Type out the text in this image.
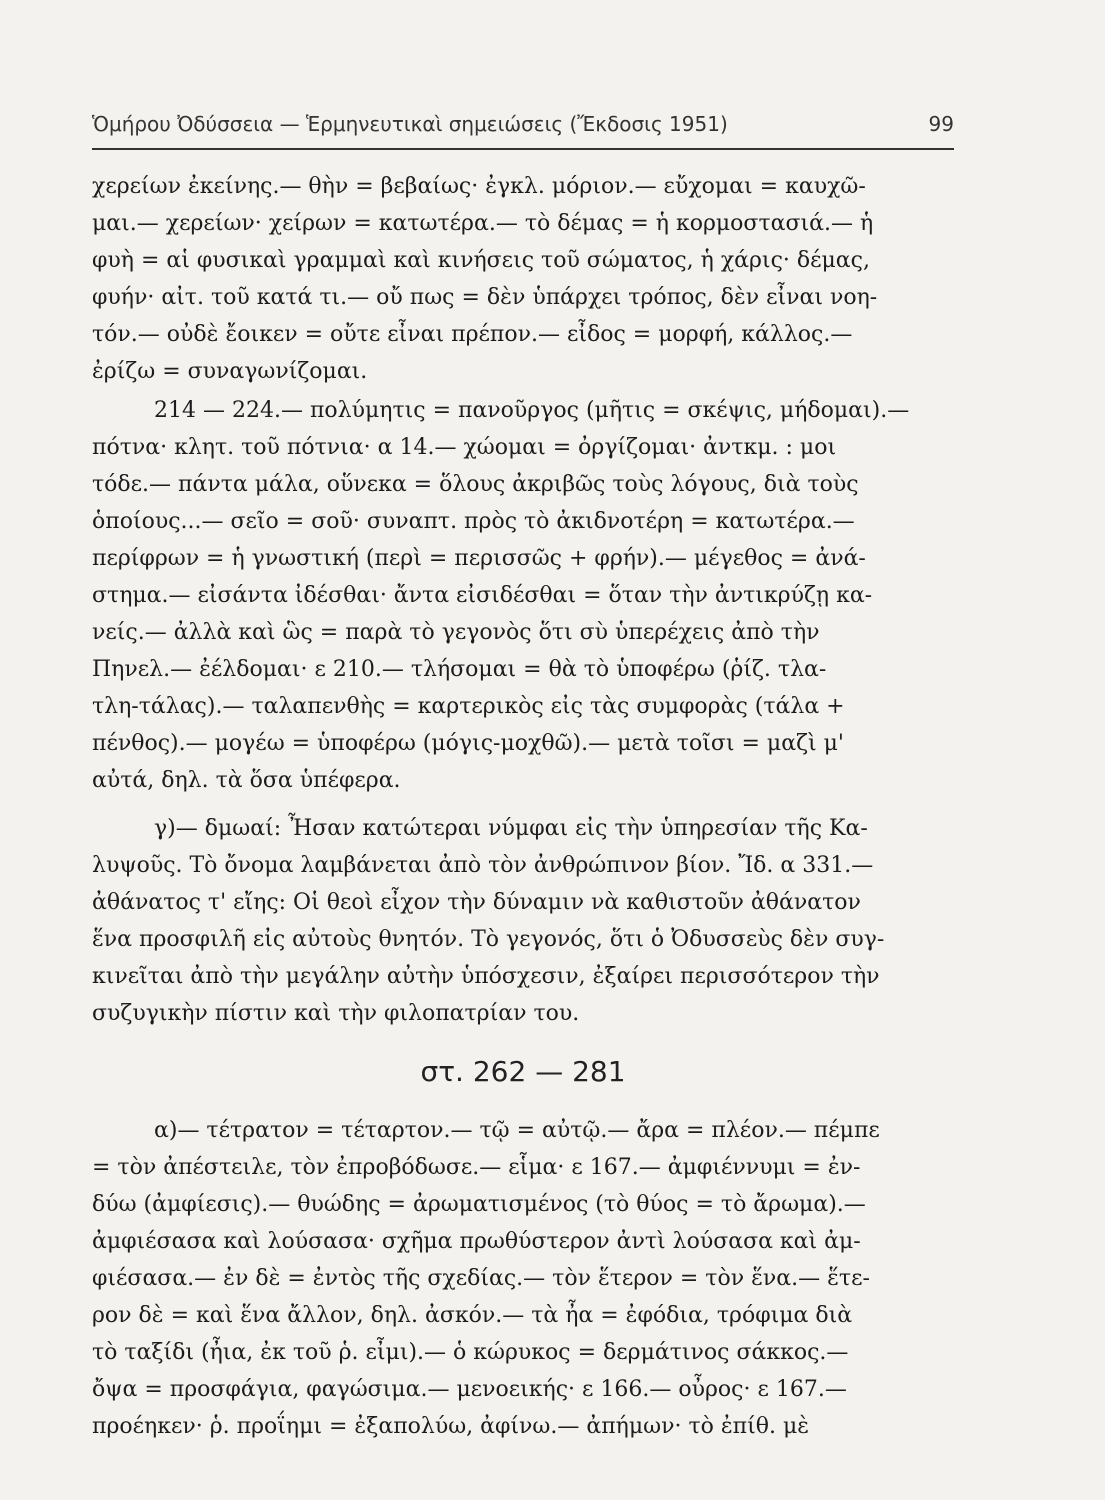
Ὁμήρου Ὀδύσσεια — Ἑρμηνευτικαὶ σημειώσεις (Ἔκδοσις 1951)	99
χερείων ἐκείνης.— θὴν = βεβαίως· ἐγκλ. μόριον.— εὔχομαι = καυχῶ-
μαι.— χερείων· χείρων = κατωτέρα.— τὸ δέμας = ἡ κορμοστασιά.— ἡ
φυὴ = αἱ φυσικαὶ γραμμαὶ καὶ κινήσεις τοῦ σώματος, ἡ χάρις· δέμας,
φυήν· αἰτ. τοῦ κατά τι.— οὔ πως = δὲν ὑπάρχει τρόπος, δὲν εἶναι νοη-
τόν.— οὐδὲ ἔοικεν = οὔτε εἶναι πρέπον.— εἶδος = μορφή, κάλλος.—
ἐρίζω = συναγωνίζομαι.
214 — 224.— πολύμητις = πανοῦργος (μῆτις = σκέψις, μήδομαι).—
πότνα· κλητ. τοῦ πότνια· α 14.— χώομαι = ὀργίζομαι· ἀντκμ. : μοι
τόδε.— πάντα μάλα, οὕνεκα = ὅλους ἀκριβῶς τοὺς λόγους, διὰ τοὺς
ὁποίους...— σεῖο = σοῦ· συναπτ. πρὸς τὸ ἀκιδνοτέρη = κατωτέρα.—
περίφρων = ἡ γνωστική (περὶ = περισσῶς + φρήν).— μέγεθος = ἀνά-
στημα.— εἰσάντα ἰδέσθαι· ἄντα εἰσιδέσθαι = ὅταν τὴν ἀντικρύζῃ κα-
νείς.— ἀλλὰ καὶ ὣς = παρὰ τὸ γεγονὸς ὅτι σὺ ὑπερέχεις ἀπὸ τὴν
Πηνελ.— ἐέλδομαι· ε 210.— τλήσομαι = θὰ τὸ ὑποφέρω (ῥίζ. τλα-
τλη-τάλας).— ταλαπενθὴς = καρτερικὸς εἰς τὰς συμφορὰς (τάλα +
πένθος).— μογέω = ὑποφέρω (μόγις-μοχθῶ).— μετὰ τοῖσι = μαζὶ μ'
αὐτά, δηλ. τὰ ὅσα ὑπέφερα.
γ)— δμωαί: Ἦσαν κατώτεραι νύμφαι εἰς τὴν ὑπηρεσίαν τῆς Κα-
λυψοῦς. Τὸ ὄνομα λαμβάνεται ἀπὸ τὸν ἀνθρώπινον βίον. Ἴδ. α 331.—
ἀθάνατος τ' εἴης: Οἱ θεοὶ εἶχον τὴν δύναμιν νὰ καθιστοῦν ἀθάνατον
ἕνα προσφιλῆ εἰς αὐτοὺς θνητόν. Τὸ γεγονός, ὅτι ὁ Ὀδυσσεὺς δὲν συγ-
κινεῖται ἀπὸ τὴν μεγάλην αὐτὴν ὑπόσχεσιν, ἐξαίρει περισσότερον τὴν
συζυγικὴν πίστιν καὶ τὴν φιλοπατρίαν του.
στ. 262 — 281
α)— τέτρατον = τέταρτον.— τῷ = αὐτῷ.— ἄρα = πλέον.— πέμπε
= τὸν ἀπέστειλε, τὸν ἐπροβόδωσε.— εἷμα· ε 167.— ἀμφιέννυμι = ἐν-
δύω (ἀμφίεσις).— θυώδης = ἀρωματισμένος (τὸ θύος = τὸ ἄρωμα).—
ἀμφιέσασα καὶ λούσασα· σχῆμα πρωθύστερον ἀντὶ λούσασα καὶ ἀμ-
φιέσασα.— ἐν δὲ = ἐντὸς τῆς σχεδίας.— τὸν ἕτερον = τὸν ἕνα.— ἕτε-
ρον δὲ = καὶ ἕνα ἄλλον, δηλ. ἀσκόν.— τὰ ἦα = ἐφόδια, τρόφιμα διὰ
τὸ ταξίδι (ἦια, ἐκ τοῦ ῥ. εἶμι).— ὁ κώρυκος = δερμάτινος σάκκος.—
ὄψα = προσφάγια, φαγώσιμα.— μενοεικής· ε 166.— οὖρος· ε 167.—
προέηκεν· ῥ. προΐημι = ἐξαπολύω, ἀφίνω.— ἀπήμων· τὸ ἐπίθ. μὲ
